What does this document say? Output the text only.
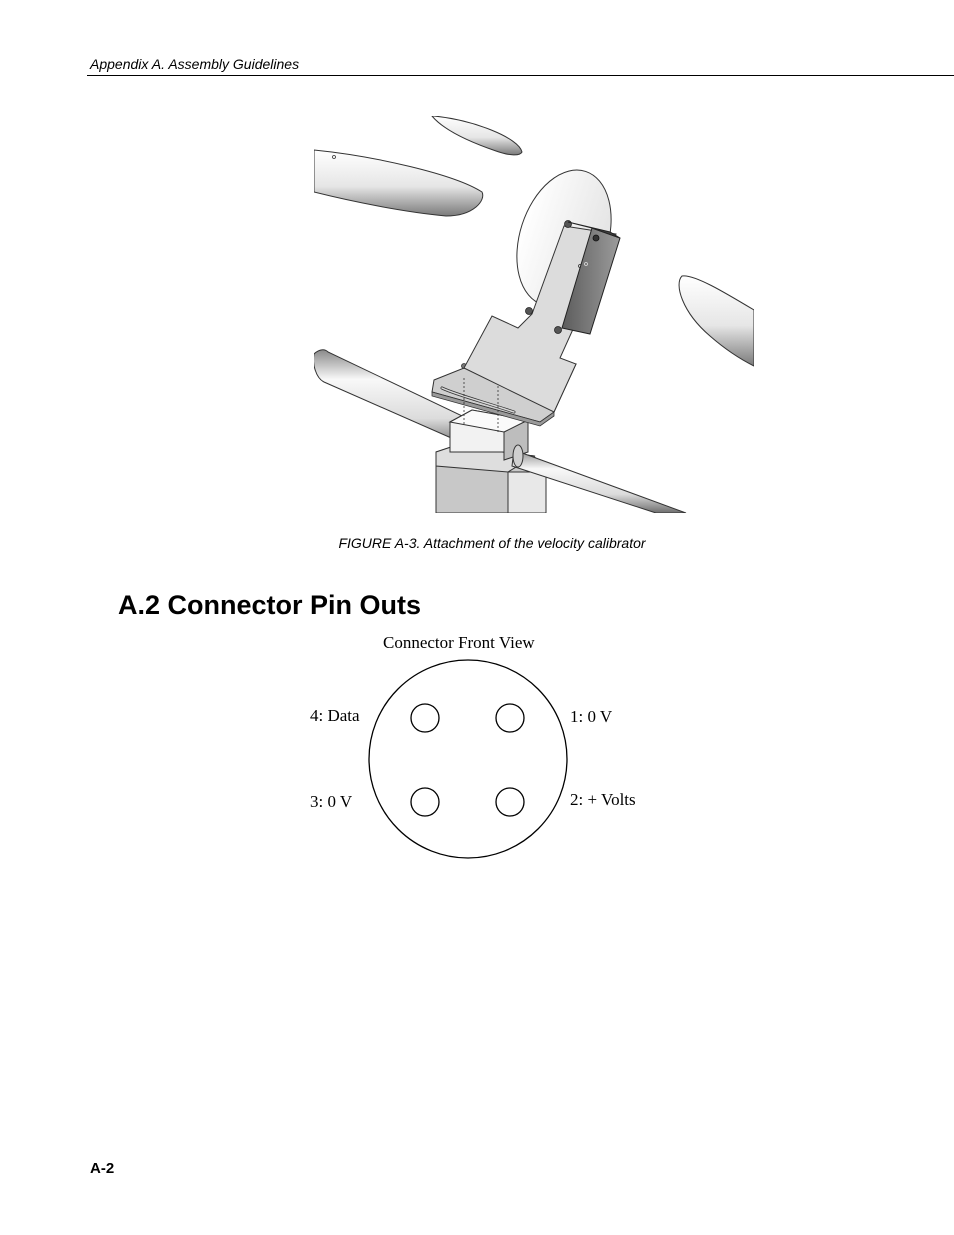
Appendix A. Assembly Guidelines
FIGURE A-3. Attachment of the velocity calibrator
A.2 Connector Pin Outs
Connector Front View
4: Data	1: 0 V
3: 0 V	2: + Volts
A-2
